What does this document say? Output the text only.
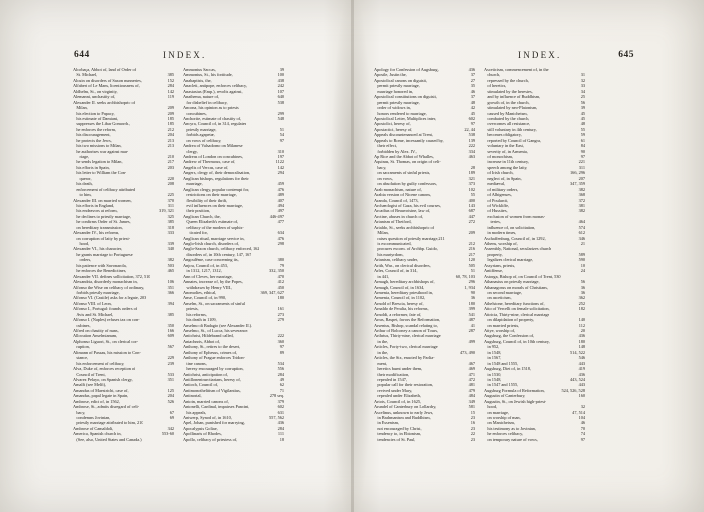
644	INDEX.
Alcobaça, Abbot of, land of Order of
St. Michael,	385
Alcuin on disorders of Saxon nunneries,	152
Alfabert of Le Mans, licentiousness of,	284
Aldhelm, St., on virginity,	142
Alemanni, unchastity of,	119
Alexander II. seeks archbishopric of
Milan,	209
his election to Papacy,	209
his estimate of Damiani,	185
suppresses the Libar Gomorrh.,	185
he enforces the reform,	212
his discouragement,	204
he protects the Jews,	213
his two missions to Milan,	213
he authorises war against mar-
riage,	210
he sends legation to Milan,	217
his efforts in Spain,	203
his letter to William the Con-
queror,	220
his death,	208
enforcement of celibacy attributed
to him,	225
Alexander III. on married women,	370
his efforts in England,	311
his endeavors at reform,	319, 321
he declines to priestly marriage,	325
he confirms Order of St. James,	385
on hereditary transmission,	318
Alexander IV., his reforms,	333
on corruption of laity by priest-
hood,	339
Alexander VI., his character,	340
he grants marriage to Portuguese
orders,	382
his patience with Savonarola,	503
he enforces the Benedictines,	465
Alexander VII. defines sollicitation, 372, 510
Alexandria, disorderly monachism in,	106
Alfonso the Wise on celibacy of ordinary,	351
forbids priestly marriage,	366
Alfonso VI. (Castile) asks for a legate, 203
Alfonso VIII. of Leon,	394
Alfonso I., Portugal: founds orders of
Avis and St. Michael,	385
Alfonso I. (Naples) refuses tax on con-
cubines,	350
Alfred on chastity of nuns,	166
Allocution Anselmianum,	609
Alphonso Liguori, St., on clerical cor-
ruption,	567
Altmann of Passau, his mission to Con-
stance,	229
his enforcement of celibacy,	239
Alva, Duke of, enforces reception of
Council of Trent,	533
Alvarez Pelayo, on Spanish clergy,	351
Amalfi (see Melfi),
Amandus of Maestricht, case of,	125
Amandus, papal legate in Spain,	204
Ambrose, edict of, in 1562,	526
Ambrose, St., admits disregard of celi-
bacy,	67
condemns Jovinian,	69
priestly marriage attributed to him, 210
Ambrose of Camaldoli,	342
America, Spanish church in,	553-60
(See, also, United States and Canada.)
Ammonius Saccas,	39
Ammonius, St., his fortitude,	100
Anabaptists, the,	438
Anacleti, antipope, enforces celibacy,	242
Anastasius (Emp.), revolts against,	107
Anathema, nature of,	640
for disbelief in celibacy,	538
Ancona, his opinion as to priests'
concubines,	299
Anchorite, estimate of chastity of,	548
Ancyra, Council of, in 314, regulates
priestly marriage,	51
forbids agapetæ,	54
on vows of celibacy,	97
Andrea of Valsadorno on Milanese
clergy,	310
Andreas of London on concubines,	197
Andrew of Thermoux, case of,	1122
Angelis of Vercas, case of,	142
Angers, clergy of, their demoralisation,	294
Anglican bishops, regulations for their
marriage,	459
Anglican clergy, popular contempt for,	476
restrictions on their marriage,	489
flexibility of their thrift,	407
evil influences on their marriage,	494
their position,	497
Anglican Church, the,	446-497
Queen Elizabeth's estimate of,	477
celibacy of the modern of sophis-
ticated for,	634
Anglican ritual, marriage service in,	476
Anglo-Irish church, disorders of,	298
Anglo-Saxon church, celibacy enforced, 162
disorders of, in 10th century, 147, 167
Angoulême, case concerning its,	380
Anjou, Council of, in 453,	79
in 1312, 1217, 1312,	332, 350
Ann of Cleves, her marriage,	470
Annates, increase of, by the Popes,	412
withdrawn by Henry VIII.,	450
Anomolies, ethical,	369, 347, 627
Anse, Council of, in 990,	180
Anselm, St., on sacraments of sinful
priests,	161
his reforms,	273
his death in 1109,	279
Anselmo di Badagio (see Alexander II.).
Anselmo, St., of Lucca, his severance.
Antichrist, Hildebrand called,	222
Antachnris, Abbot of,	360
Anthony, St., retires to the desert,	97
Anthony of Ephesus, crimes of,	89
Anthony of Prague enforces Tridon-
tine canons,	534
heresy encouraged by corruption,	556
Antichrist, anticipation of,	284
Antillonentrurctiarians, heresy of,	49
Antioch, Council of,	62
Antimonothelitism of Vigilantius,	71
Antinorial,	278 seq.
Antoin, married canons of,	379
Antonelli, Cardinal, impairses Pancini,	602
his appeals,	631
Antwerp, Synod of, in 1610,	557, 562
Apel, Johan, punished for marrying,	436
Apocalypsis Goliae,	284
Apollinaris of Rhodes,	111
Apollo, celibacy of priestess of,	18
645
INDEX.
Apology for Confession of Augsburg,	436
Apostle, Justin the,	37
Apostolical canons on diguisit,	27
permit priestly marriage,	35
marriage honored in,	46
Apostolical constitutions on diguisit,	37
permit priestly marriage,	48
order of widows in,	42
honors rendered to marriage,	45
Apostolical Letter, Multiplices inter,	602
Apostolici, heresy of,	97
Apostactici, heresy of,	22, 44
Appeals discountenanced at Trent,	538
Appeals to Rome, incessantly caused by,	139
their effect,	222
forbidden by Alex. IV.,	334
Ap Rice and the Abbot of Whalles,	463
Aquinas, St. Thomas, on origin of celi-
bacy,	28
on sacraments of sinful priests,	189
on vows,	321
on absolution by guilty confessors,	373
Arab monachism, nature of,	102
Arabia version of Nicene canons,	55
Aranda, Council of, 1473,	400
Archæologist of Gaza, his evil courses,	143
Arcadius of Beauvoisine, law of,	687
Arctine, abuses in church of,	447
Arianism of Thetford,	272
Arialdo, St., seeks archbishopric of
Milan,	209
raises question of priestly marriage,211
is excommunicated,	212
procures excom. of Archbp. Guido,	216
his martyrdom,	217
Arianism, celibacy under,	120
Arith, War., on clerical disorders,	505
Arles, Council of, in 314,	51
in 441,	60, 78, 103
Armagh, hereditary archbishops of,	296
Armagh, Council of, in 1634,	1, 934
Armenia, hereditary priesthood in,	90
Armenia, Council of, in 1102,	36
Arnold of Brescia, heresy of,	180
Arnaldo de Peralta, his reforms,	399
Arnoldi, a reformer, fate of,	541
Arras, Raspet, favors the Reformation,	487
Arsenius, Bishop, scandal relating to,	41
Arthur of Bolconey a canon of Tours,	287
Arthrius, Thirty-nine, clerical marriage
in the,	499
Articles, Forty-two, clerical marriage
in the,	473, 490
Articles, the Six, enacted by Parlia-
ment,	467
heretics burnt under them,	469
their modification,	471
repealed in 1547,	472
popular call for their restoration,	481
revived under Mary,	479
repealed under Elizabeth,	484
Artois, Council of, in 1625,	349
Arundel of Canterbury on Lollardry,	581
Ascelinus, unknown to early Jews,	15
in Brahmanism and Buddhism,	23
in Essenism,	16
not encouraged by Christ,	23
tendency to, in Ebionism,	22
tendencies of St. Paul,	23
Asceticism, commencement of, in the
church,	31
repressed by the church,	32
of heretics,	33
stimulated by the heresies,	34
and by influence of Buddhism,	25
growth of, in the church,	56
stimulated by neo-Platonism,	39
caused by Manicheism,	45
combated by the church,	45
overcomes all resistance,	48
still voluntary in 4th century,	55
becomes obligatory,	59
reported by Council of Gangra,	61
voluntary in the East,	84
severity of, in Armenia,	90
of monochism,	97
increase in 11th century,	221
speech among the laity,	311
of Irish church,	166, 296
neglect of, in Spain,	207
mediæval,	347, 359
of military orders,	382
of Albigenses,	368
of Poularcii,	372
of Wickliffe,	381
of Hussites,	382
exclusion of women from monas-
teries,	464
influence of, on solicitation,	574
in modern times,	612
Aschaffenburg, Council of, in 1292,	346
Athens, worship of,	21
Assembly, National, secularizes church
property,	589
legalizes clerical marriage,	590
Assyrians, priests,	10
Antiffense,	24
Astorga, Bishop of, on Council of Trent, 530
Athanasius on priestly marriage,	56
Athanagorus on morals of Christians,	36
on second marriage,	36
on asceticism,	362
Athelstone, hereditary functions of,	252
Atto of Vercelli on female solicitation,	182
Attricia, Thirty-nine, clerical marriage
on dilapidation of property,	140
on married priests,	112
Attye, worship of,	20
Augsburg, the Confession of,	436
Augsburg, Council of, in 10th century,	180
in 952,	148
in 1548,	514, 522
in 1567,	546
in 1548 and 1555,	443
Augsburg, Diet of, in 1518,	419
in 1530,	436
in 1548,	443, 524
in 1547 and 1555,	443
Augsburg Formula of Reformation,	524, 526, 528
Augustin of Canterbury,	160
Augustin, St., on Jewish high-priest-
hood,	32
on marriage,	47, 514
on worship of man,	104
on Manicheism,	46
his testimony as to Jovinian,	70
he enforces celibacy,	74
on temporary nature of vows,	97
